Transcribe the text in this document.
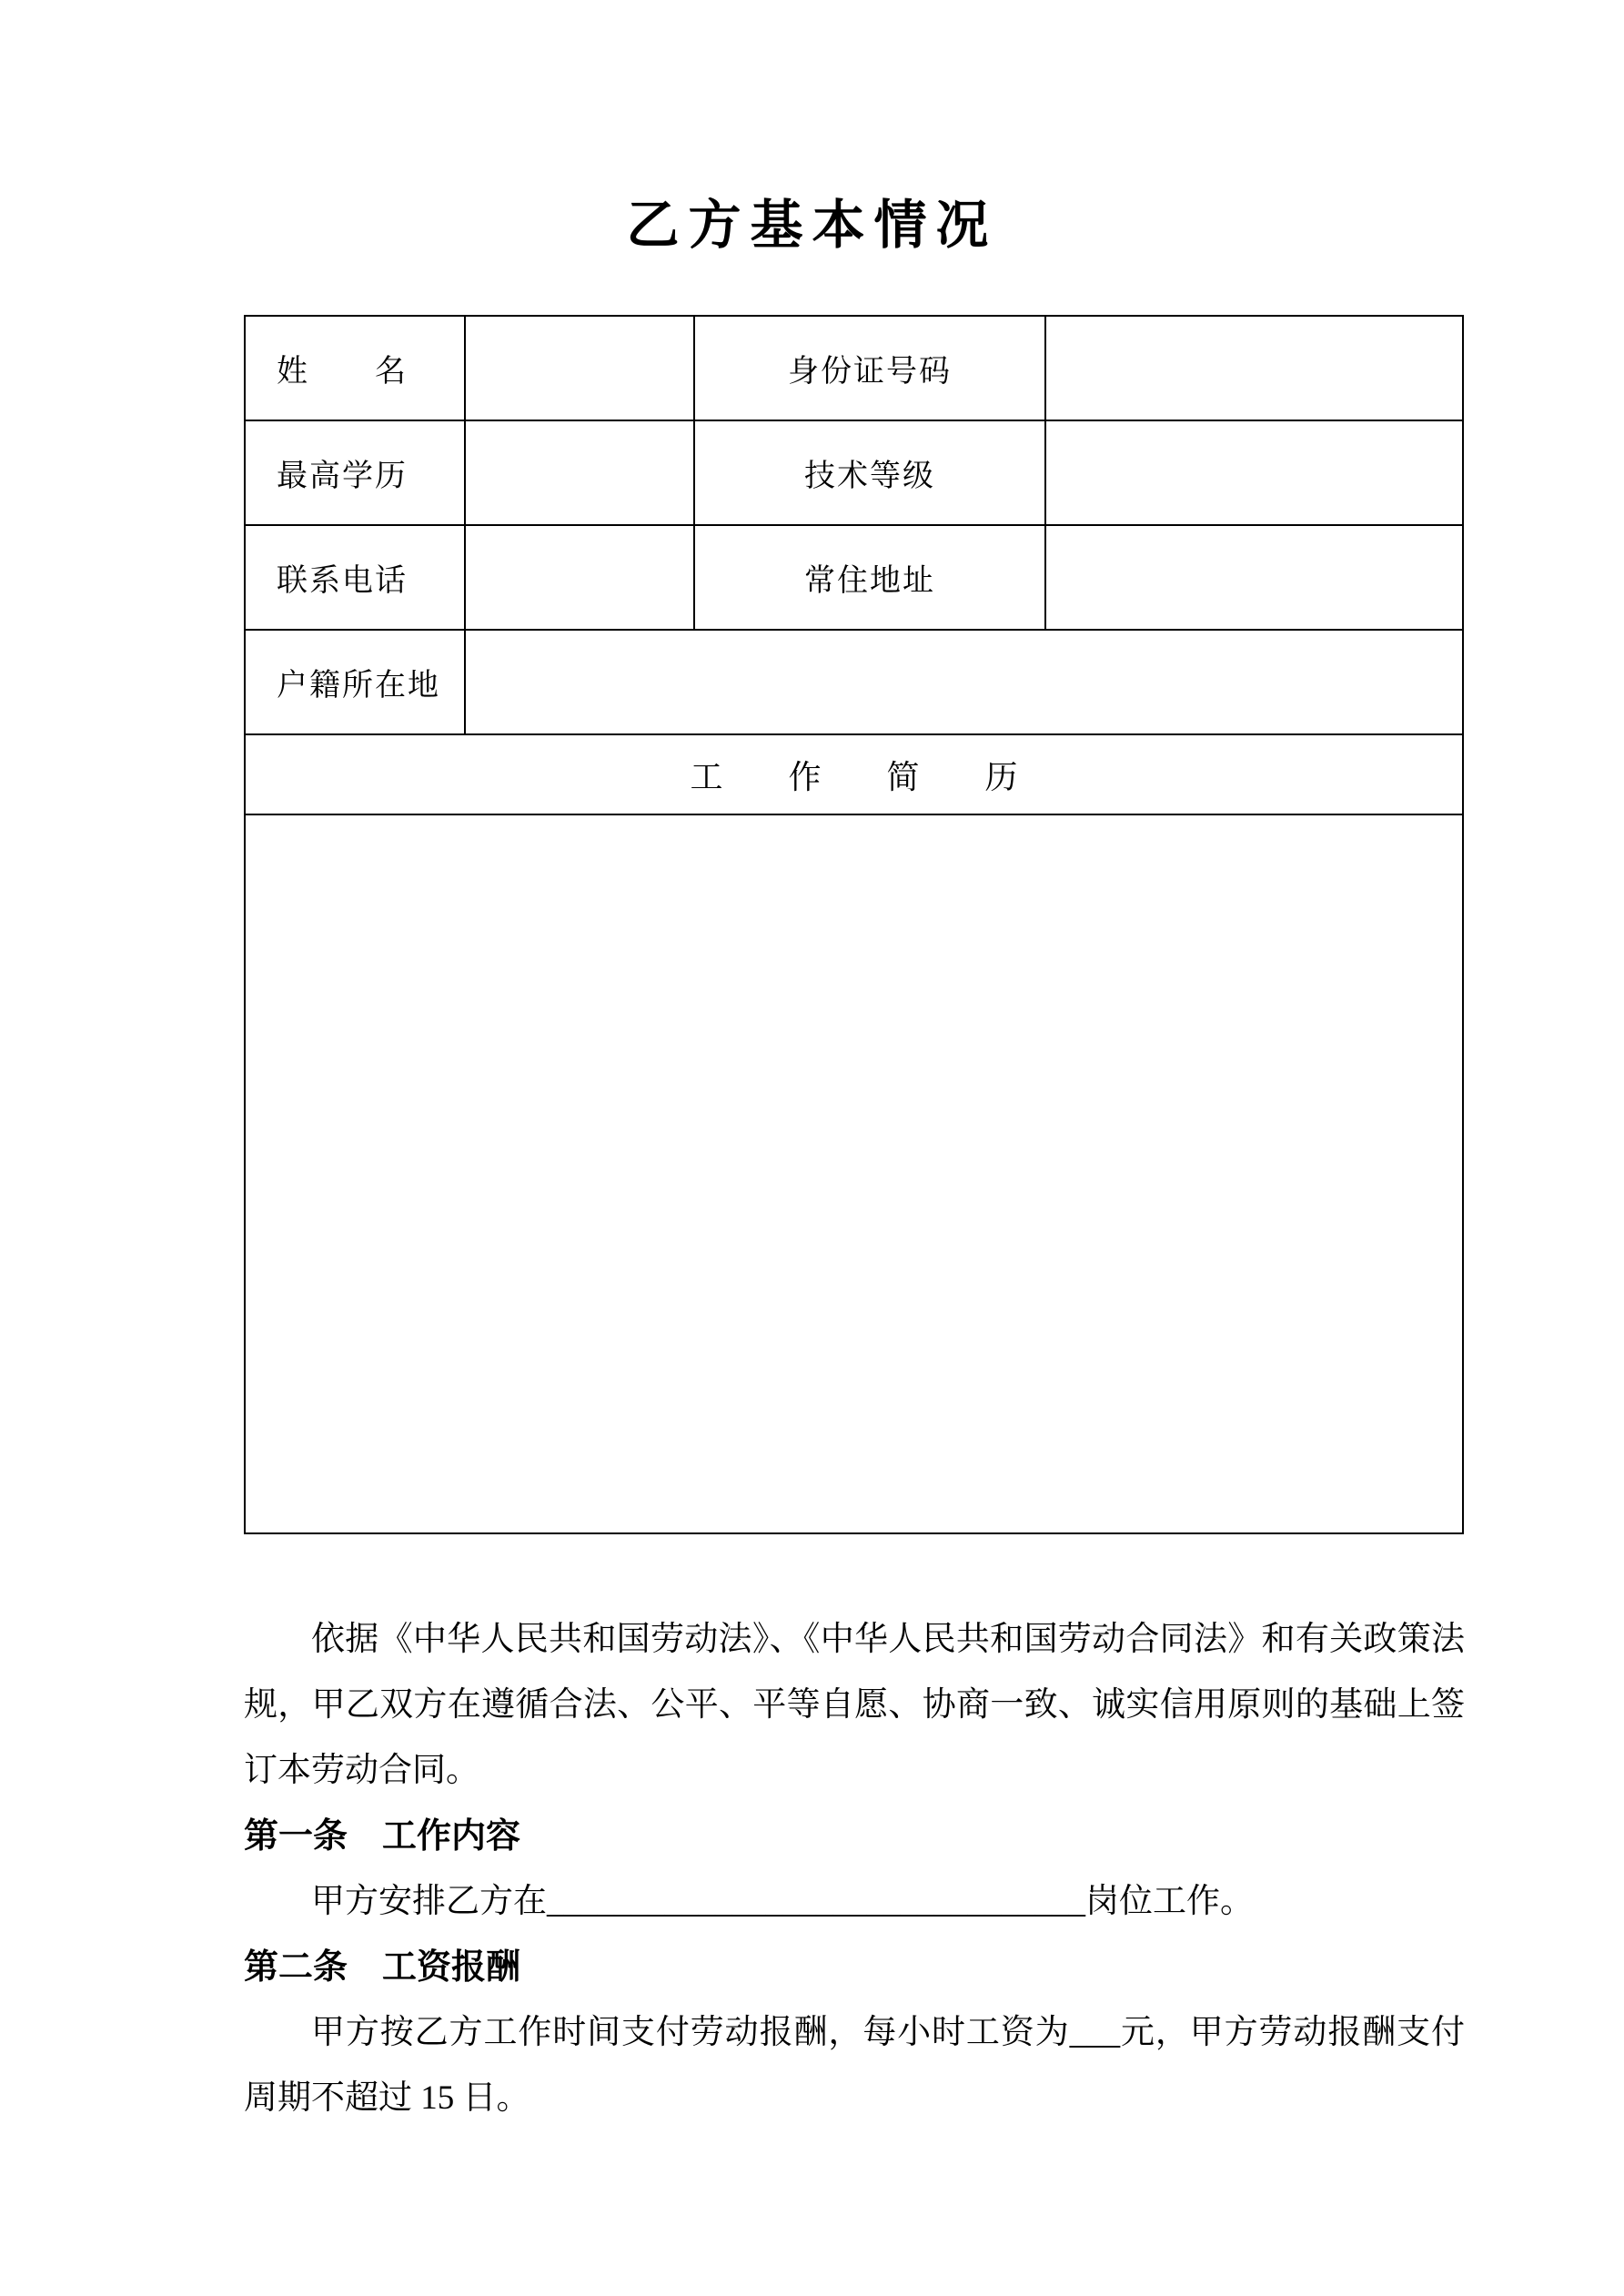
乙方基本情况
姓　　名		身份证号码	
最高学历		技术等级	
联系电话		常住地址	
户籍所在地			
工　　作　　简　　历			

依据《中华人民共和国劳动法》、《中华人民共和国劳动合同法》和有关政策法规，甲乙双方在遵循合法、公平、平等自愿、协商一致、诚实信用原则的基础上签订本劳动合同。

第一条　工作内容

甲方安排乙方在________________________________岗位工作。

第二条　工资报酬

甲方按乙方工作时间支付劳动报酬，每小时工资为___元，甲方劳动报酬支付周期不超过 15 日。
